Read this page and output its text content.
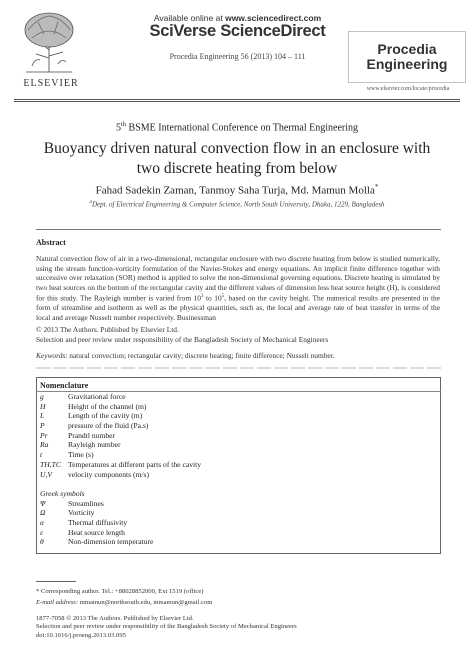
ELSEVIER
Available online at www.sciencedirect.com
SciVerse ScienceDirect
Procedia Engineering 56 (2013) 104 – 111	Procedia
Engineering
www.elsevier.com/locate/procedia
5th BSME International Conference on Thermal Engineering
Buoyancy driven natural convection flow in an enclosure with two discrete heating from below
Fahad Sadekin Zaman, Tanmoy Saha Turja, Md. Mamun Molla*
$^a$Dept. of Electrical Engineering & Computer Science, North South University, Dhaka, 1229, Bangladesh
Abstract
Natural convection flow of air in a two-dimensional, rectangular enclosure with two discrete heating from below is studied numerically, using the stream function-vorticity formulation of the Navier-Stokes and energy equations. An implicit finite difference together with successive over relaxation (SOR) method is applied to solve the non-dimensional governing equations. Discrete heating is simulated by two heat sources on the bottom of the rectangular cavity and the different values of dimension less heat source height (H), is considered for this study. The Rayleigh number is varied from $10^3$ to $10^5$, based on the cavity height. The numerical results are presented in the form of streamline and isotherm as well as the physical quantities, such as, the local and average rate of heat transfer in terms of the local and average Nusselt number respectively. Businessman
© 2013 The Authors. Published by Elsevier Ltd.
Selection and peer review under responsibility of the Bangladesh Society of Mechanical Engineers
Keywords: natural convection; rectangular cavity; discrete heating; finite difference; Nusselt number.
Nomenclature
g	Gravitational force
H	Height of the channel (m)
L	Length of the cavity (m)
P	pressure of the fluid (Pa.s)
Pr	Prandtl number
Ra	Rayleigh number
t	Time (s)
TH,TC Temperatures at different parts of the cavity
U,V velocity components (m/s)
Greek symbols
Ψ	Streamlines
Ω	Vorticity
α	Thermal diffusivity
ε	Heat source length
θ	Non-dimension temperature
* Corresponding author. Tel.: +88028852000, Ext 1519 (office)
E-mail address: mmamun@northsouth.edu, mmamun@gmail.com
1877-7058 © 2013 The Authors. Published by Elsevier Ltd.
Selection and peer review under responsibility of the Bangladesh Society of Mechanical Engineers
doi:10.1016/j.proeng.2013.03.095
